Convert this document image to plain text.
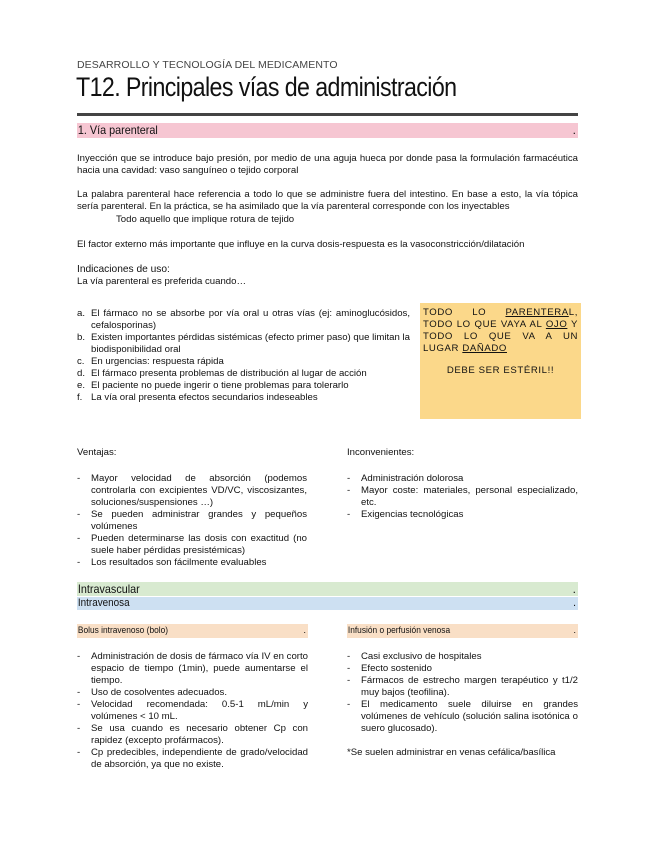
DESARROLLO Y TECNOLOGÍA DEL MEDICAMENTO
T12. Principales vías de administración
1. Vía parenteral	.
Inyección que se introduce bajo presión, por medio de una aguja hueca por donde pasa la formulación farmacéutica hacia una cavidad: vaso sanguíneo o tejido corporal
La palabra parenteral hace referencia a todo lo que se administre fuera del intestino. En base a esto, la vía tópica sería parenteral. En la práctica, se ha asimilado que la vía parenteral corresponde con los inyectables
Todo aquello que implique rotura de tejido
El factor externo más importante que influye en la curva dosis-respuesta es la vasoconstricción/dilatación
Indicaciones de uso:
La vía parenteral es preferida cuando…
a. El fármaco no se absorbe por vía oral u otras vías (ej: aminoglucósidos, cefalosporinas)
b. Existen importantes pérdidas sistémicas (efecto primer paso) que limitan la biodisponibilidad oral
c. En urgencias: respuesta rápida
d. El fármaco presenta problemas de distribución al lugar de acción
e. El paciente no puede ingerir o tiene problemas para tolerarlo
f. La vía oral presenta efectos secundarios indeseables
TODO LO PARENTERAL, TODO LO QUE VAYA AL OJO Y TODO LO QUE VA A UN LUGAR DAÑADO
DEBE SER ESTÉRIL!!
Ventajas:
- Mayor velocidad de absorción (podemos controlarla con excipientes VD/VC, viscosizantes, soluciones/suspensiones …)
- Se pueden administrar grandes y pequeños volúmenes
- Pueden determinarse las dosis con exactitud (no suele haber pérdidas presistémicas)
- Los resultados son fácilmente evaluables
Inconvenientes:
- Administración dolorosa
- Mayor coste: materiales, personal especializado, etc.
- Exigencias tecnológicas
Intravascular	.
Intravenosa	.
Bolus intravenoso (bolo)	.	Infusión o perfusión venosa	.
- Administración de dosis de fármaco vía IV en corto espacio de tiempo (1min), puede aumentarse el tiempo.
- Uso de cosolventes adecuados.
- Velocidad recomendada: 0.5-1 mL/min y volúmenes < 10 mL.
- Se usa cuando es necesario obtener Cp con rapidez (excepto profármacos).
- Cp predecibles, independiente de grado/velocidad de absorción, ya que no existe.
- Casi exclusivo de hospitales
- Efecto sostenido
- Fármacos de estrecho margen terapéutico y t1/2 muy bajos (teofilina).
- El medicamento suele diluirse en grandes volúmenes de vehículo (solución salina isotónica o suero glucosado).
*Se suelen administrar en venas cefálica/basílica
